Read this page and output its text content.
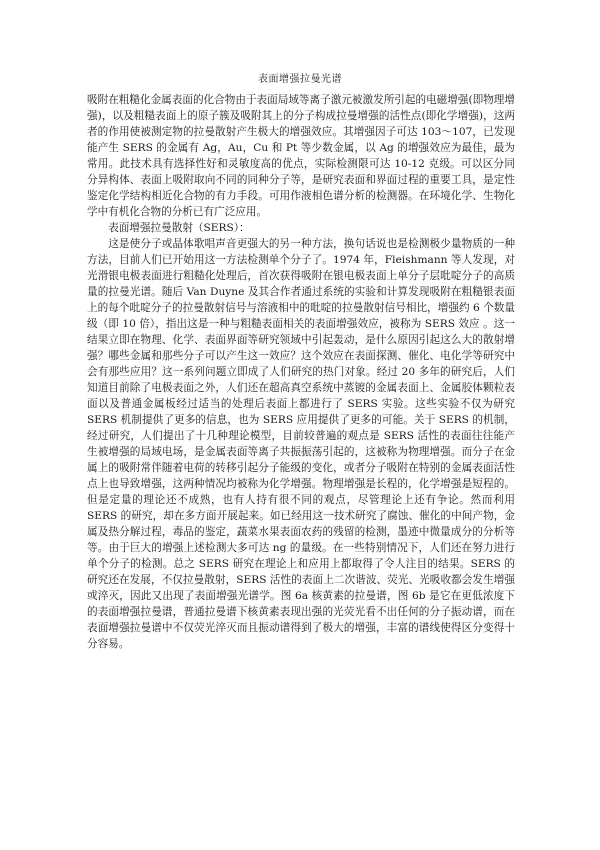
表面增强拉曼光谱

吸附在粗糙化金属表面的化合物由于表面局域等离子激元被激发所引起的电磁增强(即物理增强)，以及粗糙表面上的原子簇及吸附其上的分子构成拉曼增强的活性点(即化学增强)，这两者的作用使被测定物的拉曼散射产生极大的增强效应。其增强因子可达 103～107，已发现能产生 SERS 的金属有 Ag，Au，Cu 和 Pt 等少数金属，以 Ag 的增强效应为最佳，最为常用。此技术具有选择性好和灵敏度高的优点，实际检测限可达 10-12 克级。可以区分同分异构体、表面上吸附取向不同的同种分子等，是研究表面和界面过程的重要工具，是定性鉴定化学结构相近化合物的有力手段。可用作液相色谱分析的检测器。在环境化学、生物化学中有机化合物的分析已有广泛应用。

表面增强拉曼散射（SERS）：

这是使分子或晶体歌唱声音更强大的另一种方法，换句话说也是检测极少量物质的一种方法，目前人们已开始用这一方法检测单个分子了。1974 年，Fleishmann 等人发现，对光滑银电极表面进行粗糙化处理后，首次获得吸附在银电极表面上单分子层吡啶分子的高质量的拉曼光谱。随后 Van Duyne 及其合作者通过系统的实验和计算发现吸附在粗糙银表面上的每个吡啶分子的拉曼散射信号与溶液相中的吡啶的拉曼散射信号相比，增强约 6 个数量级（即 10 倍），指出这是一种与粗糙表面相关的表面增强效应，被称为 SERS 效应 。这一结果立即在物理、化学、表面界面等研究领域中引起轰动，是什么原因引起这么大的散射增强？哪些金属和那些分子可以产生这一效应？这个效应在表面探测、催化、电化学等研究中会有那些应用？这一系列问题立即成了人们研究的热门对象。经过 20 多年的研究后，人们知道目前除了电极表面之外，人们还在超高真空系统中蒸镀的金属表面上、金属胶体颗粒表面以及普通金属板经过适当的处理后表面上都进行了 SERS 实验。这些实验不仅为研究 SERS 机制提供了更多的信息，也为 SERS 应用提供了更多的可能。关于 SERS 的机制，经过研究，人们提出了十几种理论模型，目前较普遍的观点是 SERS 活性的表面往往能产生被增强的局域电场，是金属表面等离子共振振荡引起的，这被称为物理增强。而分子在金属上的吸附常伴随着电荷的转移引起分子能级的变化，或者分子吸附在特别的金属表面活性点上也导致增强，这两种情况均被称为化学增强。物理增强是长程的，化学增强是短程的。但是定量的理论还不成熟，也有人持有很不同的观点，尽管理论上还有争论。然而利用 SERS 的研究，却在多方面开展起来。如已经用这一技术研究了腐蚀、催化的中间产物，金属及热分解过程，毒品的鉴定，蔬菜水果表面农药的残留的检测，墨迹中微量成分的分析等等。由于巨大的增强上述检测大多可达 ng 的量级。在一些特别情况下，人们还在努力进行单个分子的检测。总之 SERS 研究在理论上和应用上都取得了令人注目的结果。SERS 的研究还在发展，不仅拉曼散射，SERS 活性的表面上二次谐波、荧光、光吸收都会发生增强或淬灭，因此又出现了表面增强光谱学。图 6a 核黄素的拉曼谱，图 6b 是它在更低浓度下的表面增强拉曼谱，普通拉曼谱下核黄素表现出强的光荧光看不出任何的分子振动谱，而在表面增强拉曼谱中不仅荧光淬灭而且振动谱得到了极大的增强，丰富的谱线使得区分变得十分容易。
